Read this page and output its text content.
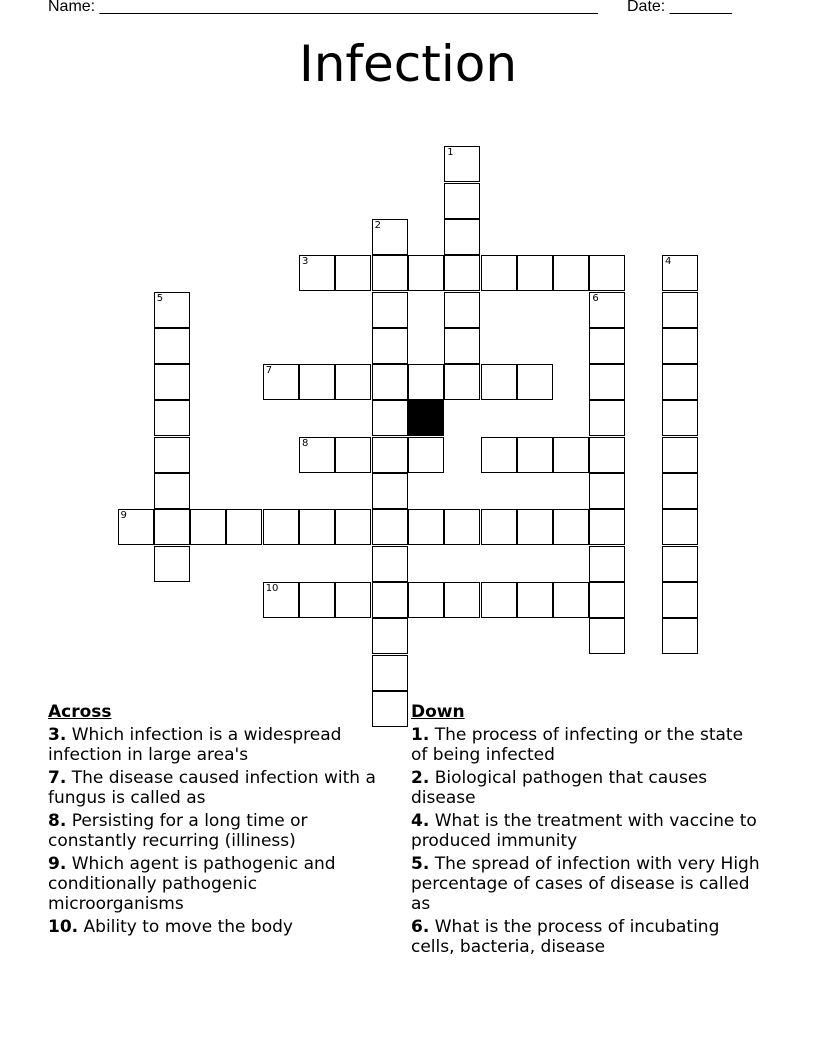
Name: ________________________________________________________ Date: _______
Infection
1
2
3	4
5	6
7
8
9
10
Across
3. Which infection is a widespread infection in large area's
7. The disease caused infection with a fungus is called as
8. Persisting for a long time or constantly recurring (illiness)
9. Which agent is pathogenic and conditionally pathogenic microorganisms
10. Ability to move the body
Down
1. The process of infecting or the state of being infected
2. Biological pathogen that causes disease
4. What is the treatment with vaccine to produced immunity
5. The spread of infection with very High percentage of cases of disease is called as
6. What is the process of incubating cells, bacteria, disease
